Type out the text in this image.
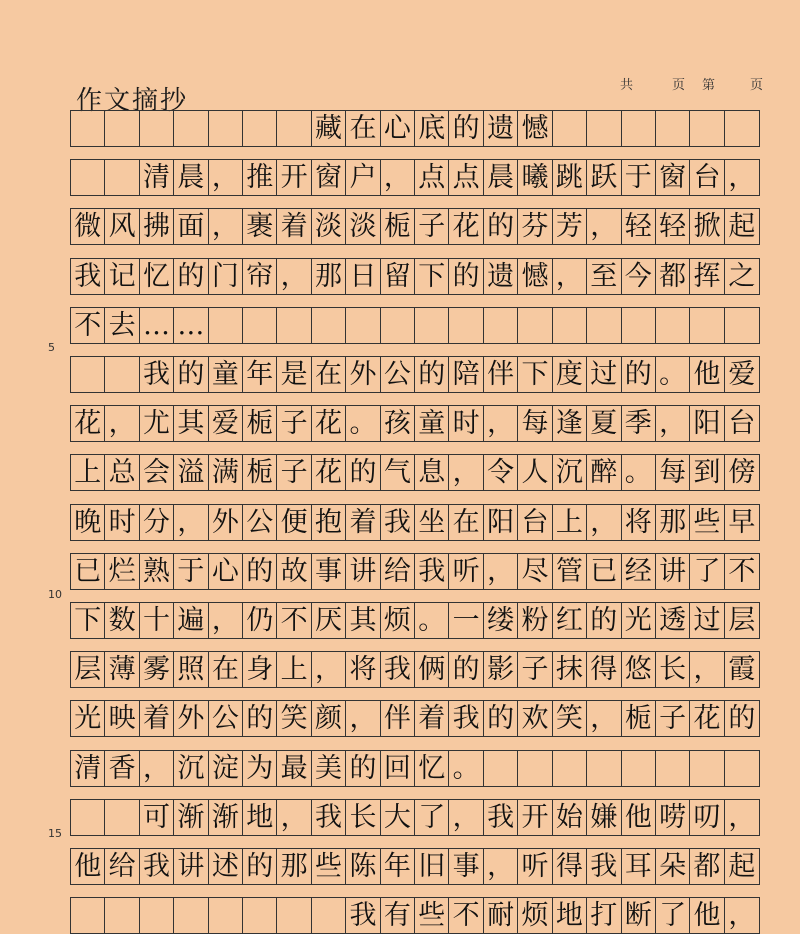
作文摘抄
共	页 第	页
5
10
15
藏 在 心 底 的 遗 憾
清 晨 ， 推 开 窗 户 ， 点 点 晨 曦 跳 跃 于 窗 台 ，
微 风 拂 面 ， 裹 着 淡 淡 栀 子 花 的 芬 芳 ， 轻 轻 掀 起
我 记 忆 的 门 帘 ， 那 日 留 下 的 遗 憾 ， 至 今 都 挥 之
不 去 … …
我 的 童 年 是 在 外 公 的 陪 伴 下 度 过 的 。 他 爱
花 ， 尤 其 爱 栀 子 花 。 孩 童 时 ， 每 逢 夏 季 ， 阳 台
上 总 会 溢 满 栀 子 花 的 气 息 ， 令 人 沉 醉 。 每 到 傍
晚 时 分 ， 外 公 便 抱 着 我 坐 在 阳 台 上 ， 将 那 些 早
已 烂 熟 于 心 的 故 事 讲 给 我 听 ， 尽 管 已 经 讲 了 不
下 数 十 遍 ， 仍 不 厌 其 烦 。 一 缕 粉 红 的 光 透 过 层
层 薄 雾 照 在 身 上 ， 将 我 俩 的 影 子 抹 得 悠 长 ， 霞
光 映 着 外 公 的 笑 颜 ， 伴 着 我 的 欢 笑 ， 栀 子 花 的
清 香 ， 沉 淀 为 最 美 的 回 忆 。
可 渐 渐 地 ， 我 长 大 了 ， 我 开 始 嫌 他 唠 叨 ，
他 给 我 讲 述 的 那 些 陈 年 旧 事 ， 听 得 我 耳 朵 都 起
我 有 些 不 耐 烦 地 打 断 了 他 ，
